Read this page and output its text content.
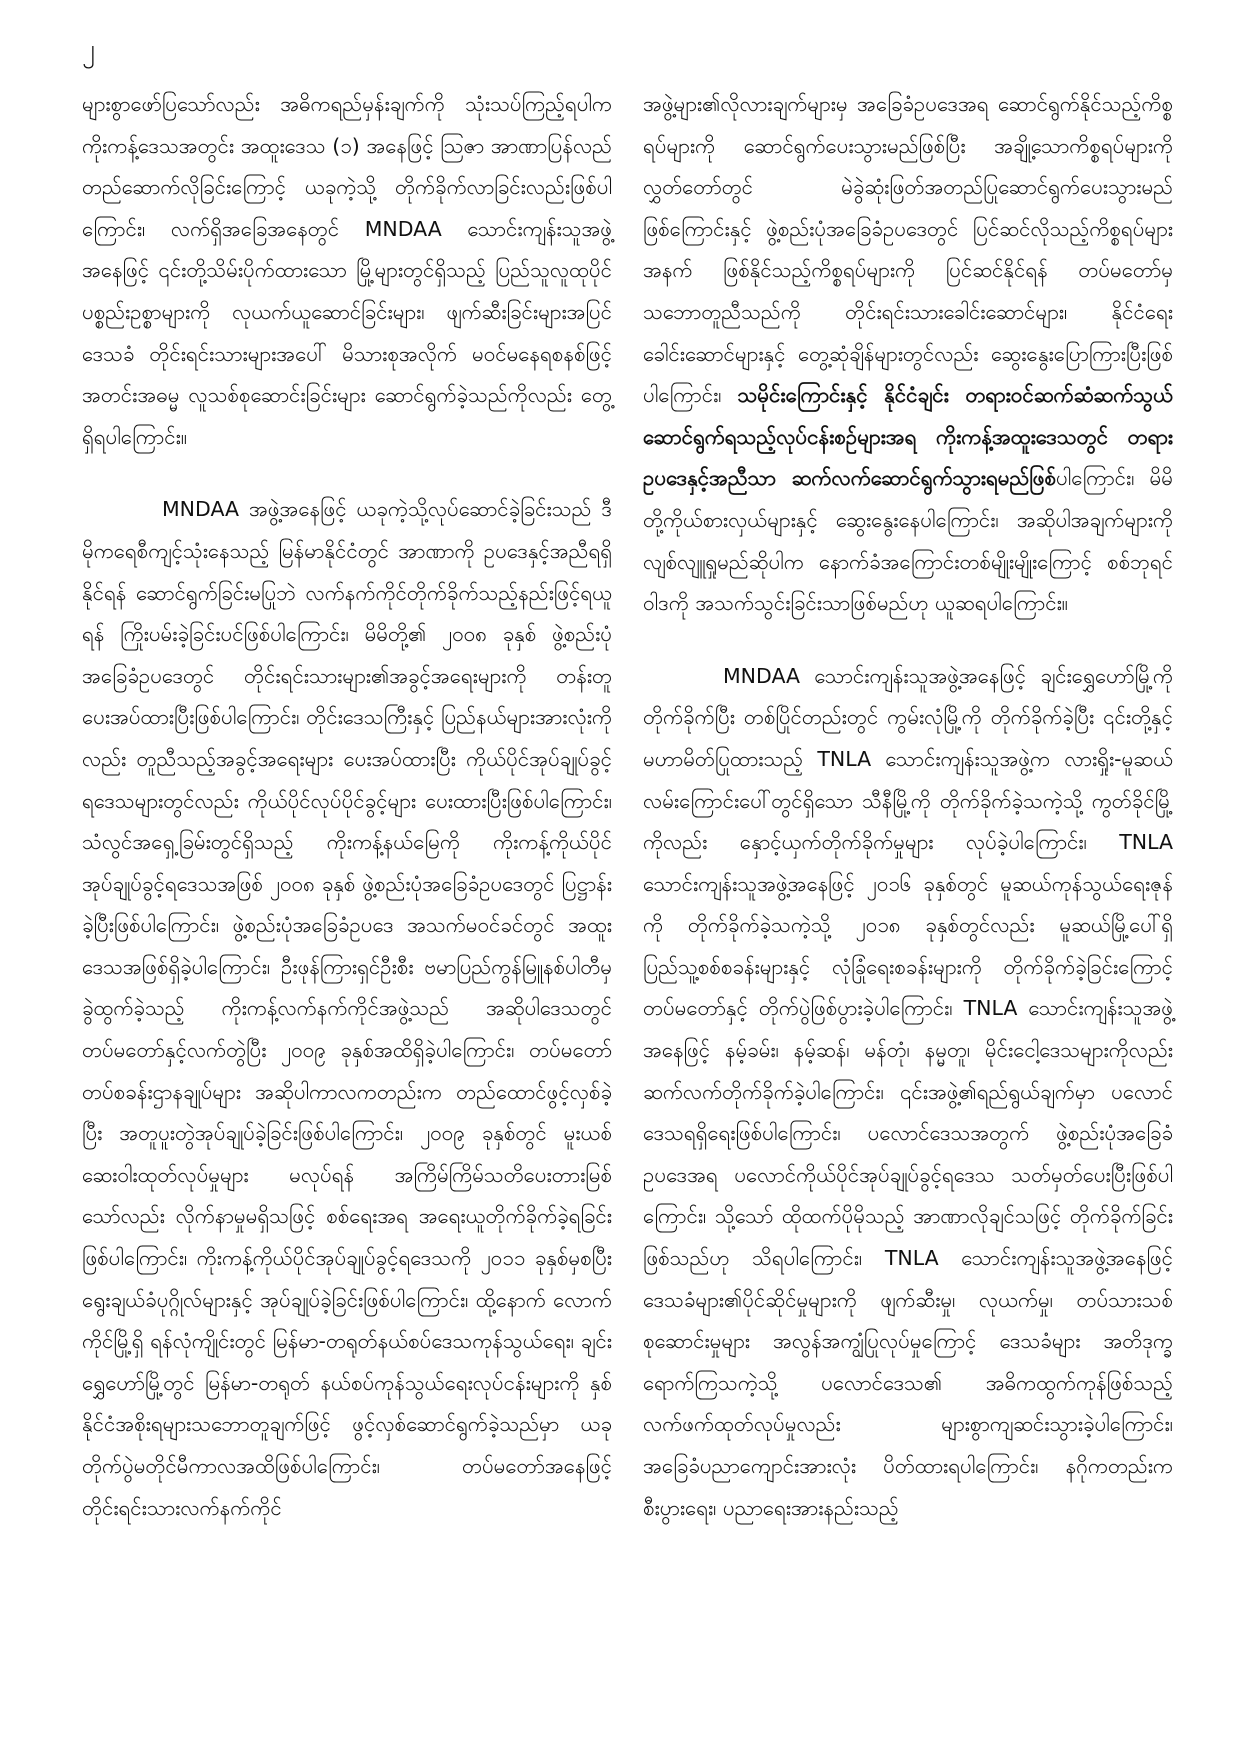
၂

များစွာဖော်ပြသော်လည်း အဓိကရည်မှန်းချက်ကို သုံးသပ်ကြည့်ရပါက ကိုးကန့်ဒေသအတွင်း အထူးဒေသ (၁) အနေဖြင့် ဩဇာ အာဏာပြန်လည်တည်ဆောက်လိုခြင်းကြောင့် ယခုကဲ့သို့ တိုက်ခိုက်လာခြင်းလည်းဖြစ်ပါကြောင်း၊ လက်ရှိအခြေအနေတွင် MNDAA သောင်းကျန်းသူအဖွဲ့အနေဖြင့် ၎င်းတို့သိမ်းပိုက်ထားသော မြို့များတွင်ရှိသည့် ပြည်သူလူထုပိုင်ပစ္စည်းဥစ္စာများကို လုယက်ယူဆောင်ခြင်းများ၊ ဖျက်ဆီးခြင်းများအပြင် ဒေသခံ တိုင်းရင်းသားများအပေါ် မိသားစုအလိုက် မဝင်မနေရစနစ်ဖြင့် အတင်းအဓမ္မ လူသစ်စုဆောင်းခြင်းများ ဆောင်ရွက်ခဲ့သည်ကိုလည်း တွေ့ရှိရပါကြောင်း။

MNDAA အဖွဲ့အနေဖြင့် ယခုကဲ့သို့လုပ်ဆောင်ခဲ့ခြင်းသည် ဒီမိုကရေစီကျင့်သုံးနေသည့် မြန်မာနိုင်ငံတွင် အာဏာကို ဥပဒေနှင့်အညီရရှိနိုင်ရန် ဆောင်ရွက်ခြင်းမပြုဘဲ လက်နက်ကိုင်တိုက်ခိုက်သည့်နည်းဖြင့်ရယူရန် ကြိုးပမ်းခဲ့ခြင်းပင်ဖြစ်ပါကြောင်း၊ မိမိတို့၏ ၂၀၀၈ ခုနှစ် ဖွဲ့စည်းပုံအခြေခံဥပဒေတွင် တိုင်းရင်းသားများ၏အခွင့်အရေးများကို တန်းတူပေးအပ်ထားပြီးဖြစ်ပါကြောင်း၊ တိုင်းဒေသကြီးနှင့် ပြည်နယ်များအားလုံးကိုလည်း တူညီသည့်အခွင့်အရေးများ ပေးအပ်ထားပြီး ကိုယ်ပိုင်အုပ်ချုပ်ခွင့်ရဒေသများတွင်လည်း ကိုယ်ပိုင်လုပ်ပိုင်ခွင့်များ ပေးထားပြီးဖြစ်ပါကြောင်း၊ သံလွင်အရှေ့ခြမ်းတွင်ရှိသည့် ကိုးကန့်နယ်မြေကို ကိုးကန့်ကိုယ်ပိုင်အုပ်ချုပ်ခွင့်ရဒေသအဖြစ် ၂၀၀၈ ခုနှစ် ဖွဲ့စည်းပုံအခြေခံဥပဒေတွင် ပြဋ္ဌာန်းခဲ့ပြီးဖြစ်ပါကြောင်း၊ ဖွဲ့စည်းပုံအခြေခံဥပဒေ အသက်မဝင်ခင်တွင် အထူးဒေသအဖြစ်ရှိခဲ့ပါကြောင်း၊ ဦးဖုန်ကြားရှင်ဦးစီး ဗမာပြည်ကွန်မြူနစ်ပါတီမှ ခွဲထွက်ခဲ့သည့် ကိုးကန့်လက်နက်ကိုင်အဖွဲ့သည် အဆိုပါဒေသတွင် တပ်မတော်နှင့်လက်တွဲပြီး ၂၀၀၉ ခုနှစ်အထိရှိခဲ့ပါကြောင်း၊ တပ်မတော်တပ်စခန်းဌာနချုပ်များ အဆိုပါကာလကတည်းက တည်ထောင်ဖွင့်လှစ်ခဲ့ပြီး အတူပူးတွဲအုပ်ချုပ်ခဲ့ခြင်းဖြစ်ပါကြောင်း၊ ၂၀၀၉ ခုနှစ်တွင် မူးယစ်ဆေးဝါးထုတ်လုပ်မှုများ မလုပ်ရန် အကြိမ်ကြိမ်သတိပေးတားမြစ်သော်လည်း လိုက်နာမှုမရှိသဖြင့် စစ်ရေးအရ အရေးယူတိုက်ခိုက်ခဲ့ရခြင်းဖြစ်ပါကြောင်း၊ ကိုးကန့်ကိုယ်ပိုင်အုပ်ချုပ်ခွင့်ရဒေသကို ၂၀၁၁ ခုနှစ်မှစပြီး ရွေးချယ်ခံပုဂ္ဂိုလ်များနှင့် အုပ်ချုပ်ခဲ့ခြင်းဖြစ်ပါကြောင်း၊ ထို့နောက် လောက်ကိုင်မြို့ရှိ ရန်လုံကျိုင်းတွင် မြန်မာ-တရုတ်နယ်စပ်ဒေသကုန်သွယ်ရေး၊ ချင်းရွှေဟော်မြို့တွင် မြန်မာ-တရုတ် နယ်စပ်ကုန်သွယ်ရေးလုပ်ငန်းများကို နှစ်နိုင်ငံအစိုးရများသဘောတူချက်ဖြင့် ဖွင့်လှစ်ဆောင်ရွက်ခဲ့သည်မှာ ယခုတိုက်ပွဲမတိုင်မီကာလအထိဖြစ်ပါကြောင်း၊ တပ်မတော်အနေဖြင့် တိုင်းရင်းသားလက်နက်ကိုင်

အဖွဲ့များ၏လိုလားချက်များမှ အခြေခံဥပဒေအရ ဆောင်ရွက်နိုင်သည့်ကိစ္စရပ်များကို ဆောင်ရွက်ပေးသွားမည်ဖြစ်ပြီး အချို့သောကိစ္စရပ်များကို လွှတ်တော်တွင် မဲခွဲဆုံးဖြတ်အတည်ပြုဆောင်ရွက်ပေးသွားမည်ဖြစ်ကြောင်းနှင့် ဖွဲ့စည်းပုံအခြေခံဥပဒေတွင် ပြင်ဆင်လိုသည့်ကိစ္စရပ်များအနက် ဖြစ်နိုင်သည့်ကိစ္စရပ်များကို ပြင်ဆင်နိုင်ရန် တပ်မတော်မှ သဘောတူညီသည်ကို တိုင်းရင်းသားခေါင်းဆောင်များ၊ နိုင်ငံရေးခေါင်းဆောင်များနှင့် တွေ့ဆုံချိန်များတွင်လည်း ဆွေးနွေးပြောကြားပြီးဖြစ်ပါကြောင်း၊ သမိုင်းကြောင်းနှင့် နိုင်ငံချင်း တရားဝင်ဆက်ဆံဆက်သွယ်ဆောင်ရွက်ရသည့်လုပ်ငန်းစဉ်များအရ ကိုးကန့်အထူးဒေသတွင် တရားဥပဒေနှင့်အညီသာ ဆက်လက်ဆောင်ရွက်သွားရမည်ဖြစ်ပါကြောင်း၊ မိမိတို့ကိုယ်စားလှယ်များနှင့် ဆွေးနွေးနေပါကြောင်း၊ အဆိုပါအချက်များကို လျစ်လျူရှုမည်ဆိုပါက နောက်ခံအကြောင်းတစ်မျိုးမျိုးကြောင့် စစ်ဘုရင်ဝါဒကို အသက်သွင်းခြင်းသာဖြစ်မည်ဟု ယူဆရပါကြောင်း။

MNDAA သောင်းကျန်းသူအဖွဲ့အနေဖြင့် ချင်းရွှေဟော်မြို့ကို တိုက်ခိုက်ပြီး တစ်ပြိုင်တည်းတွင် ကွမ်းလုံမြို့ကို တိုက်ခိုက်ခဲ့ပြီး ၎င်းတို့နှင့် မဟာမိတ်ပြုထားသည့် TNLA သောင်းကျန်းသူအဖွဲ့က လားရှိုး-မူဆယ် လမ်းကြောင်းပေါ်တွင်ရှိသော သီနီမြို့ကို တိုက်ခိုက်ခဲ့သကဲ့သို့ ကွတ်ခိုင်မြို့ကိုလည်း နှောင့်ယှက်တိုက်ခိုက်မှုများ လုပ်ခဲ့ပါကြောင်း၊ TNLA သောင်းကျန်းသူအဖွဲ့အနေဖြင့် ၂၀၁၆ ခုနှစ်တွင် မူဆယ်ကုန်သွယ်ရေးဇုန်ကို တိုက်ခိုက်ခဲ့သကဲ့သို့ ၂၀၁၈ ခုနှစ်တွင်လည်း မူဆယ်မြို့ပေါ်ရှိ ပြည်သူ့စစ်စခန်းများနှင့် လုံခြုံရေးစခန်းများကို တိုက်ခိုက်ခဲ့ခြင်းကြောင့် တပ်မတော်နှင့် တိုက်ပွဲဖြစ်ပွားခဲ့ပါကြောင်း၊ TNLA သောင်းကျန်းသူအဖွဲ့အနေဖြင့် နမ့်ခမ်း၊ နမ့်ဆန်၊ မန်တုံ၊ နမ္မတူ၊ မိုင်းငေါ့ဒေသများကိုလည်း ဆက်လက်တိုက်ခိုက်ခဲ့ပါကြောင်း၊ ၎င်းအဖွဲ့၏ရည်ရွယ်ချက်မှာ ပလောင်ဒေသရရှိရေးဖြစ်ပါကြောင်း၊ ပလောင်ဒေသအတွက် ဖွဲ့စည်းပုံအခြေခံဥပဒေအရ ပလောင်ကိုယ်ပိုင်အုပ်ချုပ်ခွင့်ရဒေသ သတ်မှတ်ပေးပြီးဖြစ်ပါကြောင်း၊ သို့သော် ထိုထက်ပိုမိုသည့် အာဏာလိုချင်သဖြင့် တိုက်ခိုက်ခြင်းဖြစ်သည်ဟု သိရပါကြောင်း၊ TNLA သောင်းကျန်းသူအဖွဲ့အနေဖြင့် ဒေသခံများ၏ပိုင်ဆိုင်မှုများကို ဖျက်ဆီးမှု၊ လုယက်မှု၊ တပ်သားသစ်စုဆောင်းမှုများ အလွန်အကျွံပြုလုပ်မှုကြောင့် ဒေသခံများ အတိဒုက္ခရောက်ကြသကဲ့သို့ ပလောင်ဒေသ၏ အဓိကထွက်ကုန်ဖြစ်သည့် လက်ဖက်ထုတ်လုပ်မှုလည်း များစွာကျဆင်းသွားခဲ့ပါကြောင်း၊ အခြေခံပညာကျောင်းအားလုံး ပိတ်ထားရပါကြောင်း၊ နဂိုကတည်းက စီးပွားရေး၊ ပညာရေးအားနည်းသည့်
